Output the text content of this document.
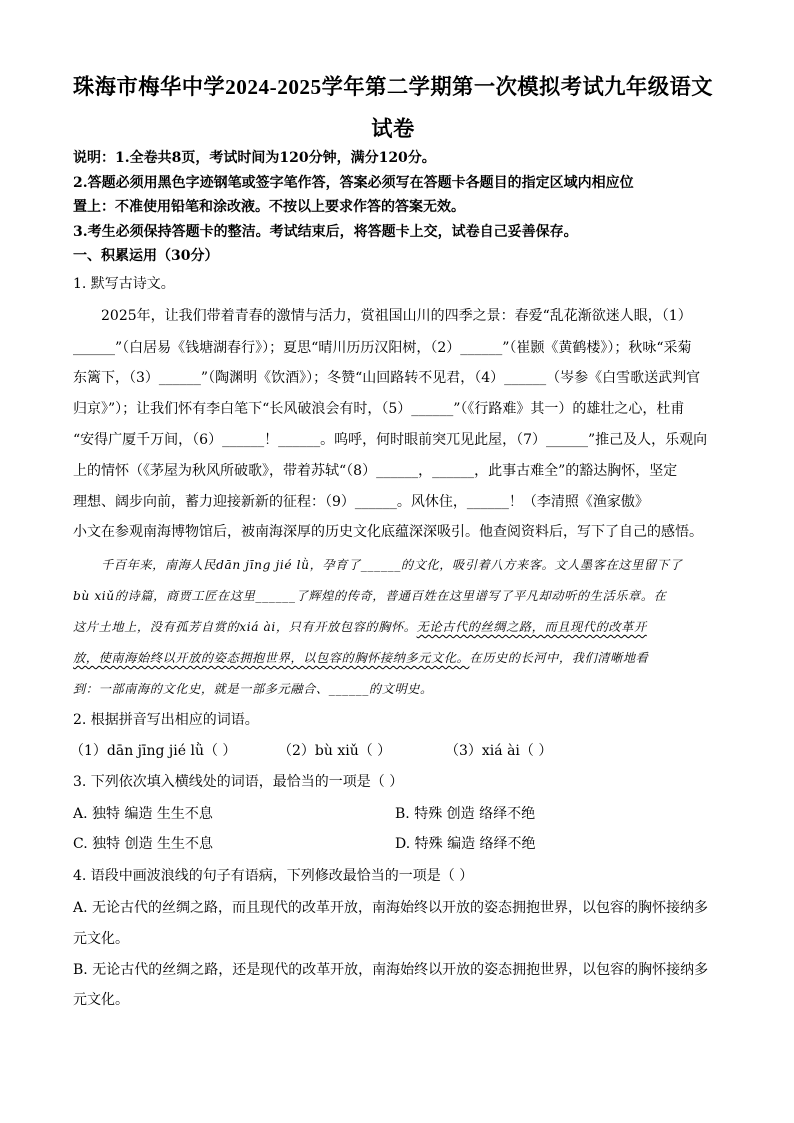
珠海市梅华中学2024-2025学年第二学期第一次模拟考试九年级语文
试卷
说明：1.全卷共8页，考试时间为120分钟，满分120分。
2.答题必须用黑色字迹钢笔或签字笔作答，答案必须写在答题卡各题目的指定区域内相应位
置上：不准使用铅笔和涂改液。不按以上要求作答的答案无效。
3.考生必须保持答题卡的整洁。考试结束后，将答题卡上交，试卷自己妥善保存。
一、积累运用（30分）
1. 默写古诗文。
2025年，让我们带着青春的激情与活力，赏祖国山川的四季之景：春爱“乱花渐欲迷人眼，（1）
______”（白居易《钱塘湖春行》）；夏思“晴川历历汉阳树，（2）______”（崔颢《黄鹤楼》）；秋咏“采菊
东篱下，（3）______”（陶渊明《饮酒》）；冬赞“山回路转不见君，（4）______（岑参《白雪歌送武判官
归京》”）；让我们怀有李白笔下“长风破浪会有时，（5）______”（《行路难》其一）的雄壮之心，杜甫
“安得广厦千万间，（6）______！______。呜呼，何时眼前突兀见此屋，（7）______”推己及人，乐观向
上的情怀（《茅屋为秋风所破歌》，带着苏轼“（8）______，______，此事古难全”的豁达胸怀，坚定
理想、阔步向前，蓄力迎接新新的征程：（9）______。风休住，______！（李清照《渔家傲》
小文在参观南海博物馆后，被南海深厚的历史文化底蕴深深吸引。他查阅资料后，写下了自己的感悟。
千百年来，南海人民dān jīng jié lǜ，孕育了______的文化，吸引着八方来客。文人墨客在这里留下了
bù xiǔ的诗篇，商贾工匠在这里______了辉煌的传奇，普通百姓在这里谱写了平凡却动听的生活乐章。在
这片土地上，没有孤芳自赏的xiá ài，只有开放包容的胸怀。无论古代的丝绸之路，而且现代的改革开
放，使南海始终以开放的姿态拥抱世界，以包容的胸怀接纳多元文化。在历史的长河中，我们清晰地看
到：一部南海的文化史，就是一部多元融合、______的文明史。
2. 根据拼音写出相应的词语。
（1）dān jīng jié lǜ（ ）	（2）bù xiǔ（ ）	（3）xiá ài（ ）
3. 下列依次填入横线处的词语，最恰当的一项是（ ）
A. 独特 编造 生生不息	B. 特殊 创造 络绎不绝
C. 独特 创造 生生不息	D. 特殊 编造 络绎不绝
4. 语段中画波浪线的句子有语病，下列修改最恰当的一项是（ ）
A. 无论古代的丝绸之路，而且现代的改革开放，南海始终以开放的姿态拥抱世界，以包容的胸怀接纳多
元文化。
B. 无论古代的丝绸之路，还是现代的改革开放，南海始终以开放的姿态拥抱世界，以包容的胸怀接纳多
元文化。
